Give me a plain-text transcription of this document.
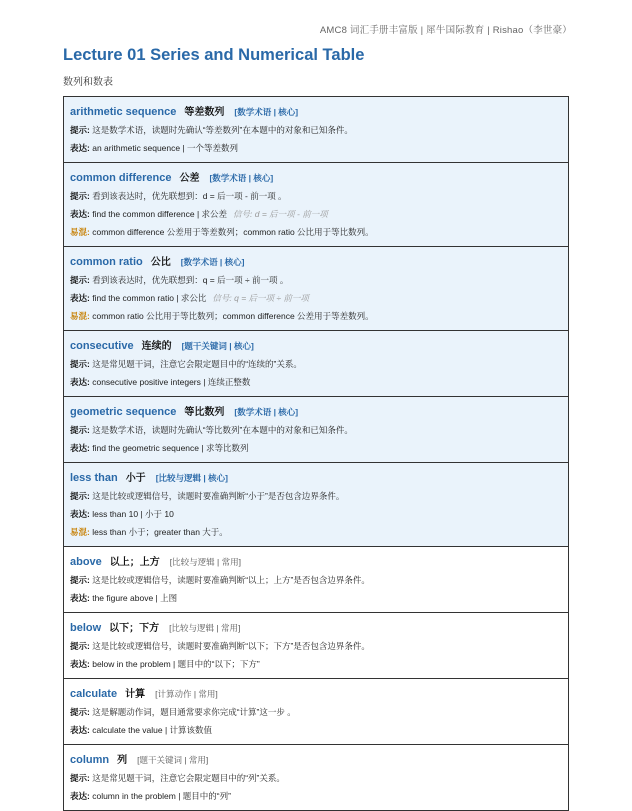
AMC8 词汇手册丰富版 | 犀牛国际教育 | Rishao（李世豪）
Lecture 01 Series and Numerical Table
数列和数表
arithmetic sequence 等差数列 [数学术语 | 核心]
提示: 这是数学术语，读题时先确认“等差数列”在本题中的对象和已知条件。
表达: an arithmetic sequence | 一个等差数列
common difference 公差 [数学术语 | 核心]
提示: 看到该表达时，优先联想到：d = 后一项 - 前一项 。
表达: find the common difference | 求公差 信号: d = 后一项 - 前一项
易混: common difference 公差用于等差数列；common ratio 公比用于等比数列。
common ratio 公比 [数学术语 | 核心]
提示: 看到该表达时，优先联想到：q = 后一项 ÷ 前一项 。
表达: find the common ratio | 求公比 信号: q = 后一项 ÷ 前一项
易混: common ratio 公比用于等比数列；common difference 公差用于等差数列。
consecutive 连续的 [题干关键词 | 核心]
提示: 这是常见题干词，注意它会限定题目中的“连续的”关系。
表达: consecutive positive integers | 连续正整数
geometric sequence 等比数列 [数学术语 | 核心]
提示: 这是数学术语，读题时先确认“等比数列”在本题中的对象和已知条件。
表达: find the geometric sequence | 求等比数列
less than 小于 [比较与逻辑 | 核心]
提示: 这是比较或逻辑信号，读题时要准确判断“小于”是否包含边界条件。
表达: less than 10 | 小于 10
易混: less than 小于；greater than 大于。
above 以上；上方 [比较与逻辑 | 常用]
提示: 这是比较或逻辑信号，读题时要准确判断“以上；上方”是否包含边界条件。
表达: the figure above | 上图
below 以下；下方 [比较与逻辑 | 常用]
提示: 这是比较或逻辑信号，读题时要准确判断“以下；下方”是否包含边界条件。
表达: below in the problem | 题目中的“以下；下方”
calculate 计算 [计算动作 | 常用]
提示: 这是解题动作词，题目通常要求你完成“计算”这一步 。
表达: calculate the value | 计算该数值
column 列 [题干关键词 | 常用]
提示: 这是常见题干词，注意它会限定题目中的“列”关系。
表达: column in the problem | 题目中的“列”
